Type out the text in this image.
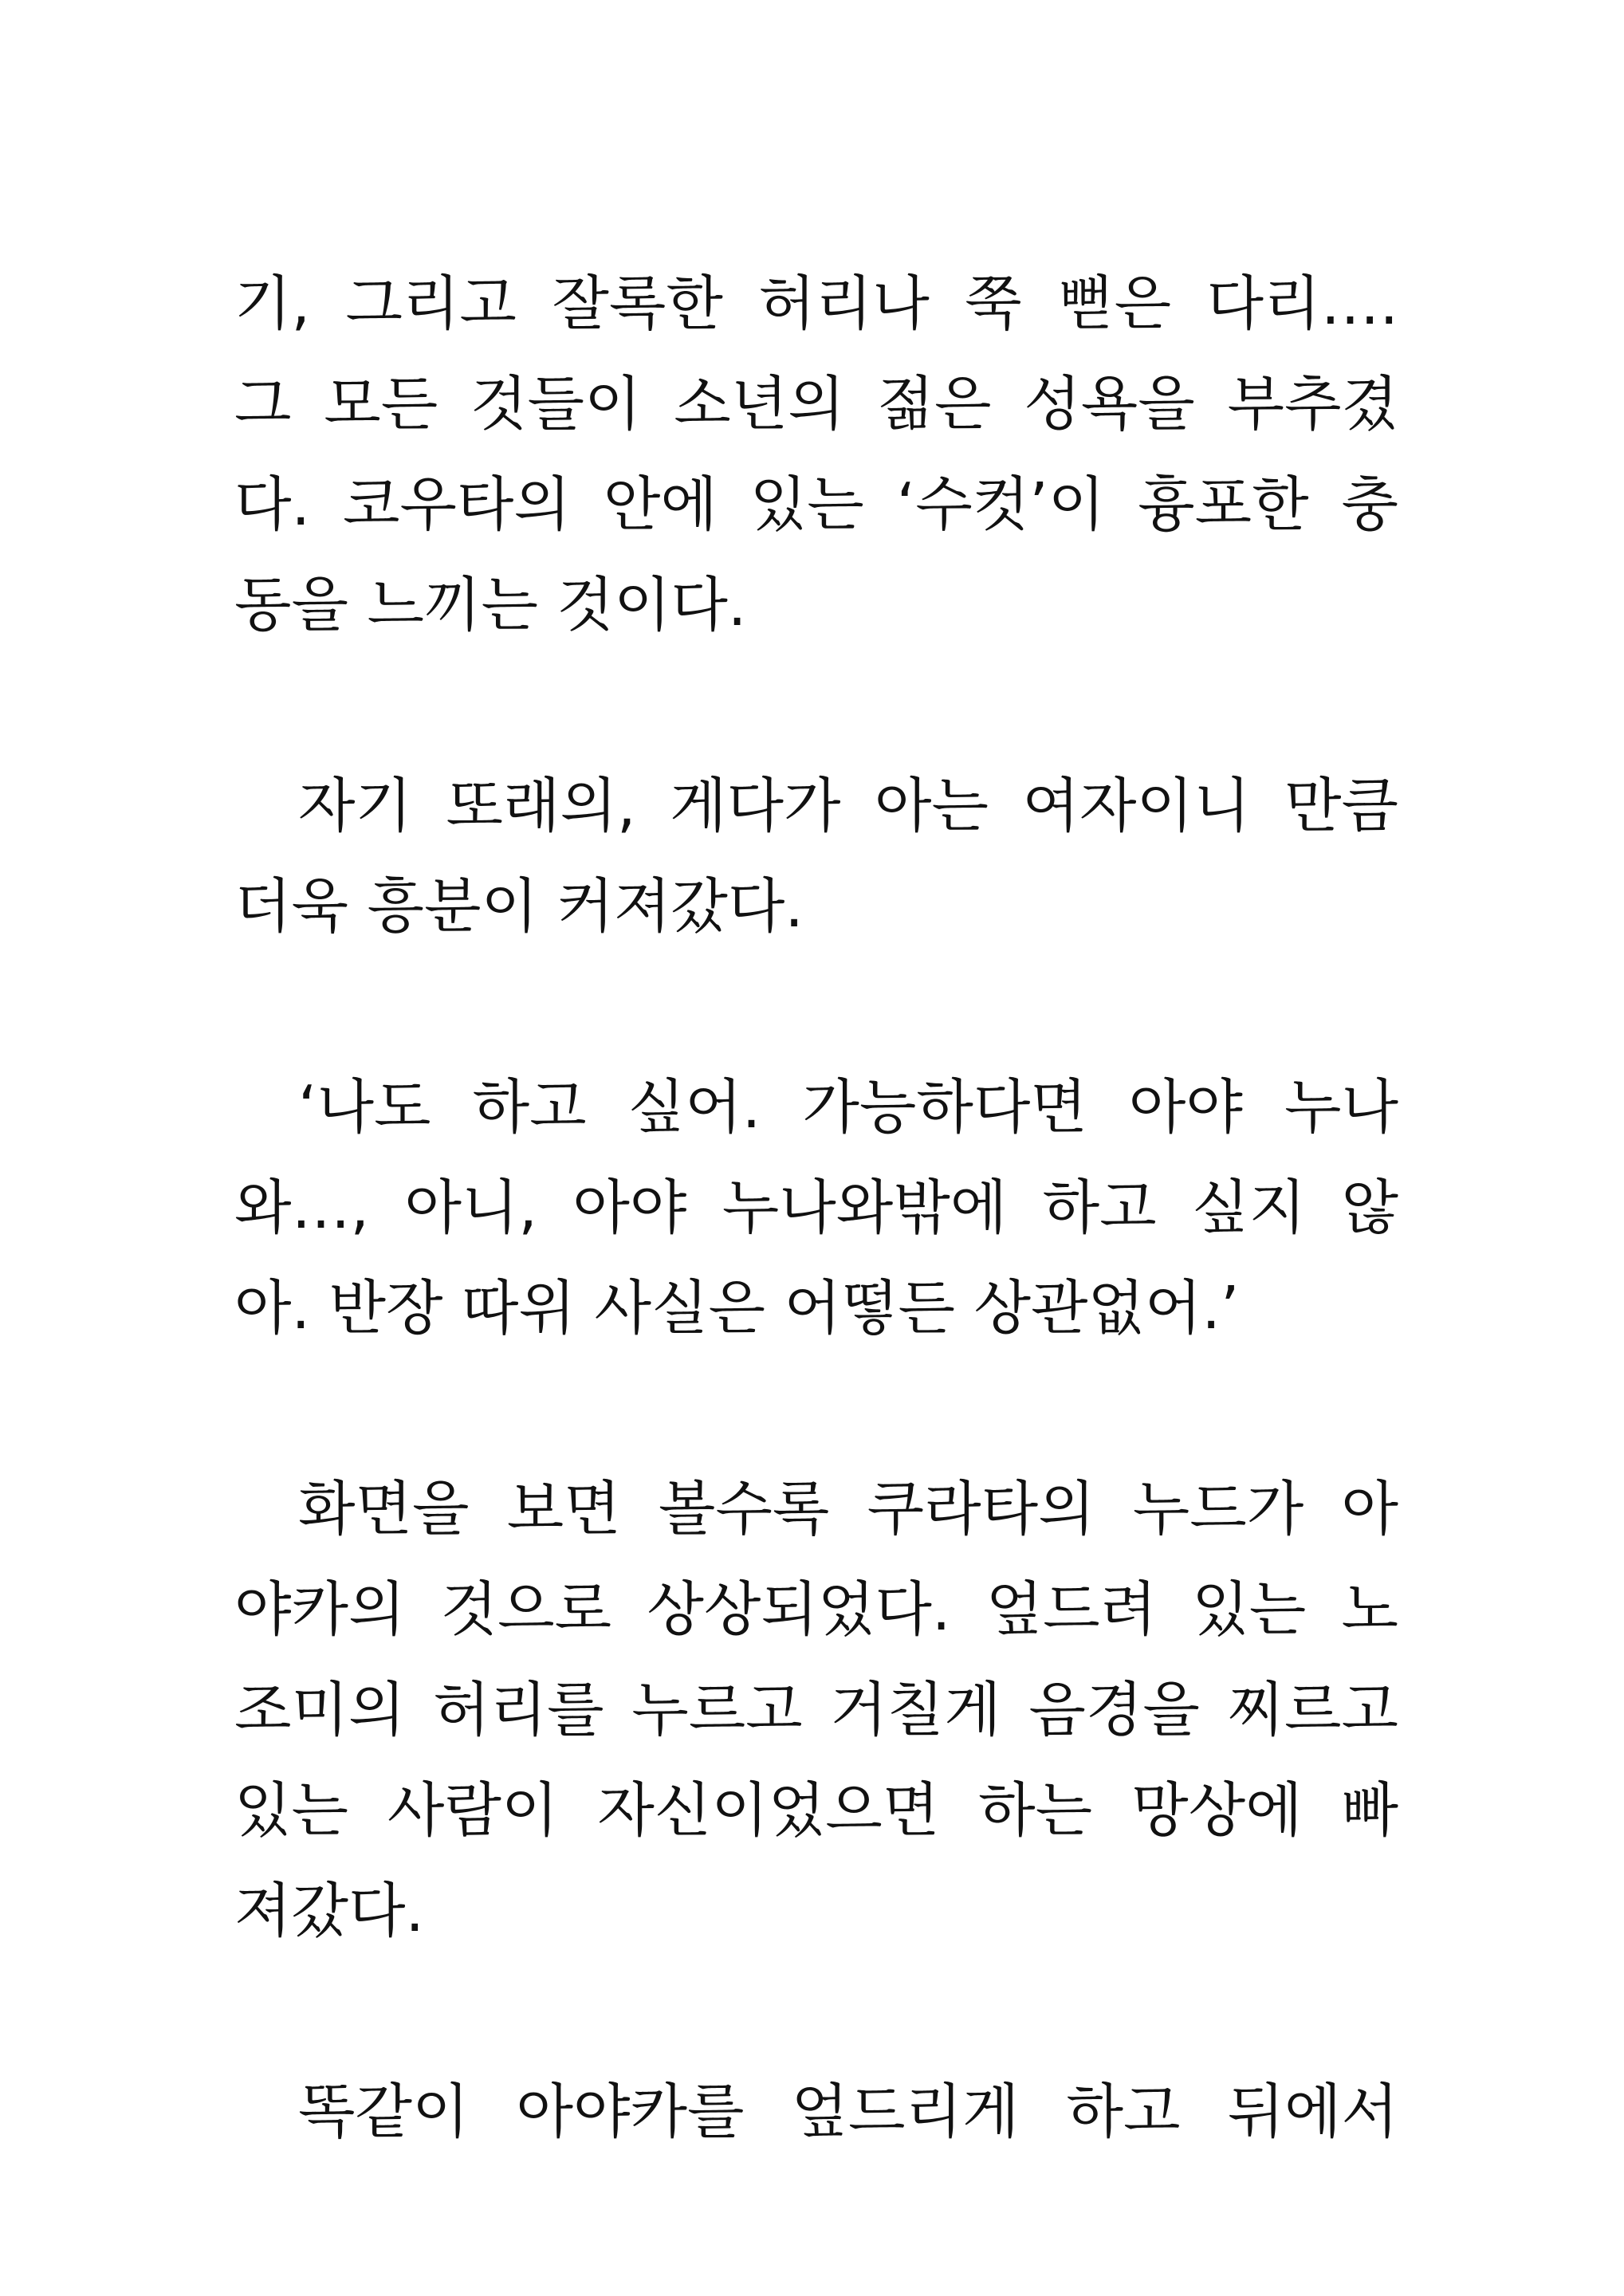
기, 그리고 잘록한 허리나 쭉 뻗은 다리….
그 모든 것들이 소년의 젊은 성욕을 부추겼
다. 코우타의 안에 있는 ‘수컷’이 흉포한 충
동을 느끼는 것이다.
자기 또래의, 게다가 아는 여자이니 만큼
더욱 흥분이 커져갔다.
‘나도 하고 싶어. 가능하다면 아야 누나
와…, 아니, 아야 누나와밖에 하고 싶지 않
아. 반장 따위 사실은 어떻든 상관없어.’
화면을 보면 볼수록 쿠라타의 누드가 아
야카의 것으로 상상되었다. 엎드려 있는 노
조미의 허리를 누르고 거칠게 음경을 찌르고
있는 사람이 자신이었으면 하는 망상에 빠
져갔다.
똑같이 아야카를 엎드리게 하고 뒤에서
